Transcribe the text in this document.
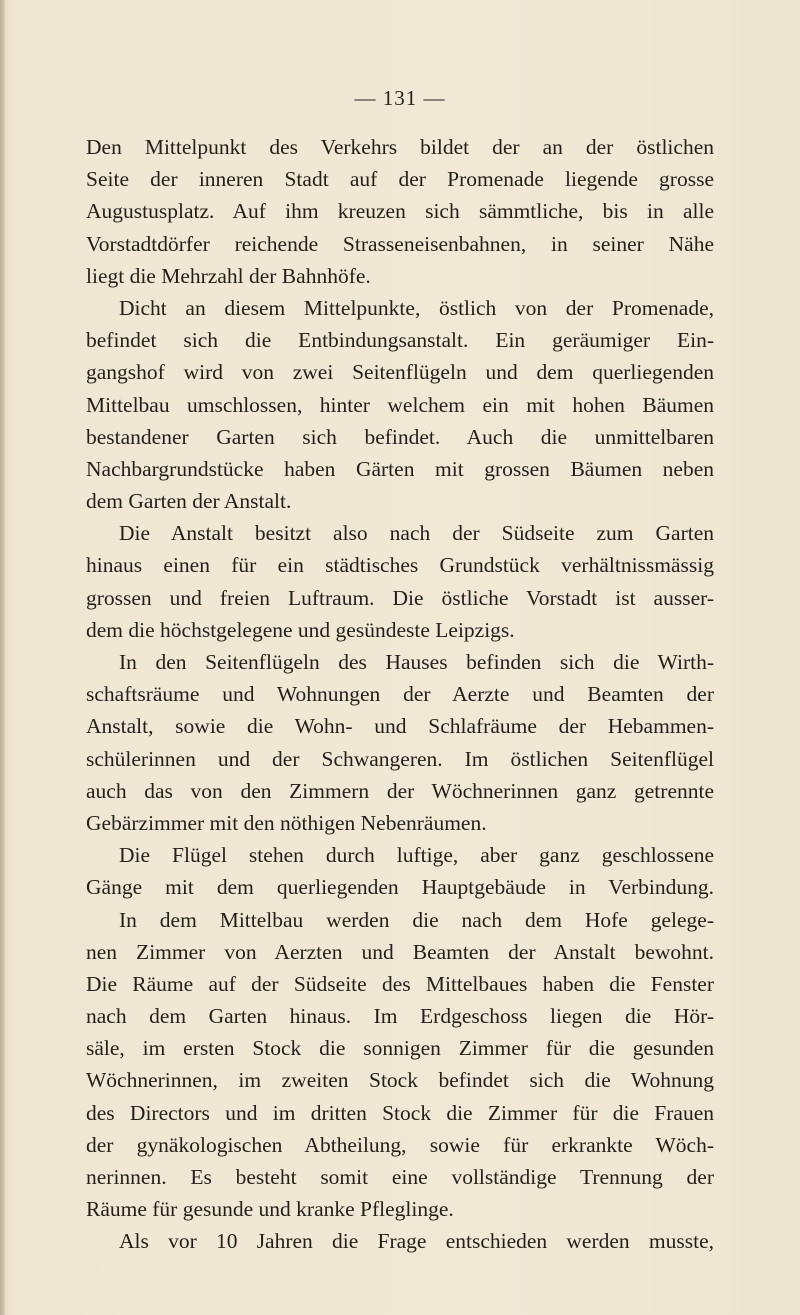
— 131 —
Den Mittelpunkt des Verkehrs bildet der an der östlichen
Seite der inneren Stadt auf der Promenade liegende grosse
Augustusplatz. Auf ihm kreuzen sich sämmtliche, bis in alle
Vorstadtdörfer reichende Strasseneisenbahnen, in seiner Nähe
liegt die Mehrzahl der Bahnhöfe.
Dicht an diesem Mittelpunkte, östlich von der Promenade,
befindet sich die Entbindungsanstalt. Ein geräumiger Ein-
gangshof wird von zwei Seitenflügeln und dem querliegenden
Mittelbau umschlossen, hinter welchem ein mit hohen Bäumen
bestandener Garten sich befindet. Auch die unmittelbaren
Nachbargrundstücke haben Gärten mit grossen Bäumen neben
dem Garten der Anstalt.
Die Anstalt besitzt also nach der Südseite zum Garten
hinaus einen für ein städtisches Grundstück verhältnissmässig
grossen und freien Luftraum. Die östliche Vorstadt ist ausser-
dem die höchstgelegene und gesündeste Leipzigs.
In den Seitenflügeln des Hauses befinden sich die Wirth-
schaftsräume und Wohnungen der Aerzte und Beamten der
Anstalt, sowie die Wohn- und Schlafräume der Hebammen-
schülerinnen und der Schwangeren. Im östlichen Seitenflügel
auch das von den Zimmern der Wöchnerinnen ganz getrennte
Gebärzimmer mit den nöthigen Nebenräumen.
Die Flügel stehen durch luftige, aber ganz geschlossene
Gänge mit dem querliegenden Hauptgebäude in Verbindung.
In dem Mittelbau werden die nach dem Hofe gelege-
nen Zimmer von Aerzten und Beamten der Anstalt bewohnt.
Die Räume auf der Südseite des Mittelbaues haben die Fenster
nach dem Garten hinaus. Im Erdgeschoss liegen die Hör-
säle, im ersten Stock die sonnigen Zimmer für die gesunden
Wöchnerinnen, im zweiten Stock befindet sich die Wohnung
des Directors und im dritten Stock die Zimmer für die Frauen
der gynäkologischen Abtheilung, sowie für erkrankte Wöch-
nerinnen. Es besteht somit eine vollständige Trennung der
Räume für gesunde und kranke Pfleglinge.
Als vor 10 Jahren die Frage entschieden werden musste,
